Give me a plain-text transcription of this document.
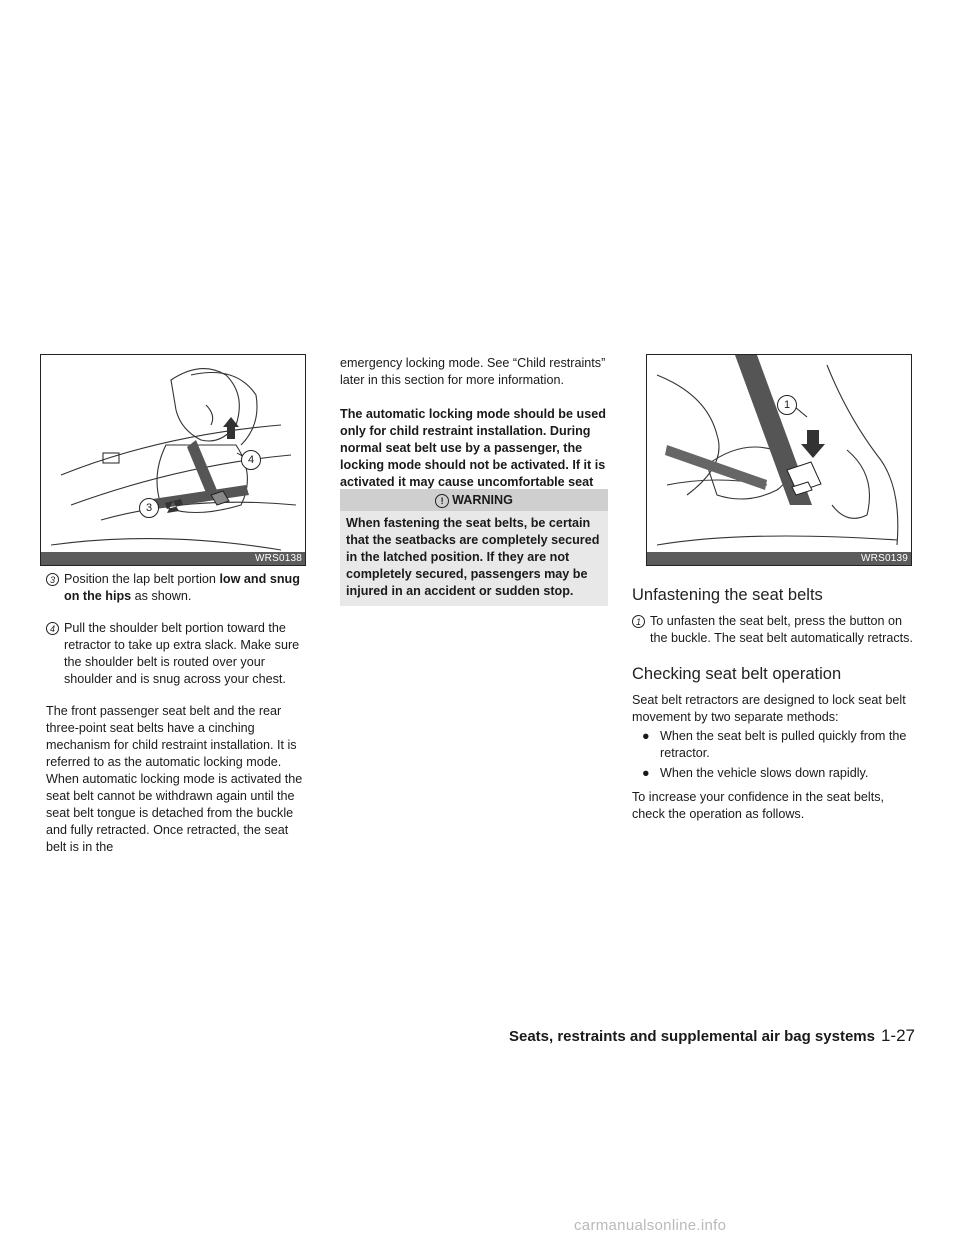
WRS0138
4
3
WRS0139
1
3 Position the lap belt portion low and snug on the hips as shown.
4 Pull the shoulder belt portion toward the retractor to take up extra slack. Make sure the shoulder belt is routed over your shoulder and is snug across your chest.

The front passenger seat belt and the rear three-point seat belts have a cinching mechanism for child restraint installation. It is referred to as the automatic locking mode.

When automatic locking mode is activated the seat belt cannot be withdrawn again until the seat belt tongue is detached from the buckle and fully retracted. Once retracted, the seat belt is in the

emergency locking mode. See “Child restraints” later in this section for more information.

The automatic locking mode should be used only for child restraint installation. During normal seat belt use by a passenger, the locking mode should not be activated. If it is activated it may cause uncomfortable seat

! WARNING
When fastening the seat belts, be certain that the seatbacks are completely secured in the latched position. If they are not completely secured, passengers may be injured in an accident or sudden stop.	Unfastening the seat belts
1 To unfasten the seat belt, press the button on the buckle. The seat belt automatically retracts.
Checking seat belt operation

Seat belt retractors are designed to lock seat belt movement by two separate methods:

● When the seat belt is pulled quickly from the retractor.
● When the vehicle slows down rapidly.

To increase your confidence in the seat belts, check the operation as follows.

Seats, restraints and supplemental air bag systems 1-27
carmanualsonline.info
